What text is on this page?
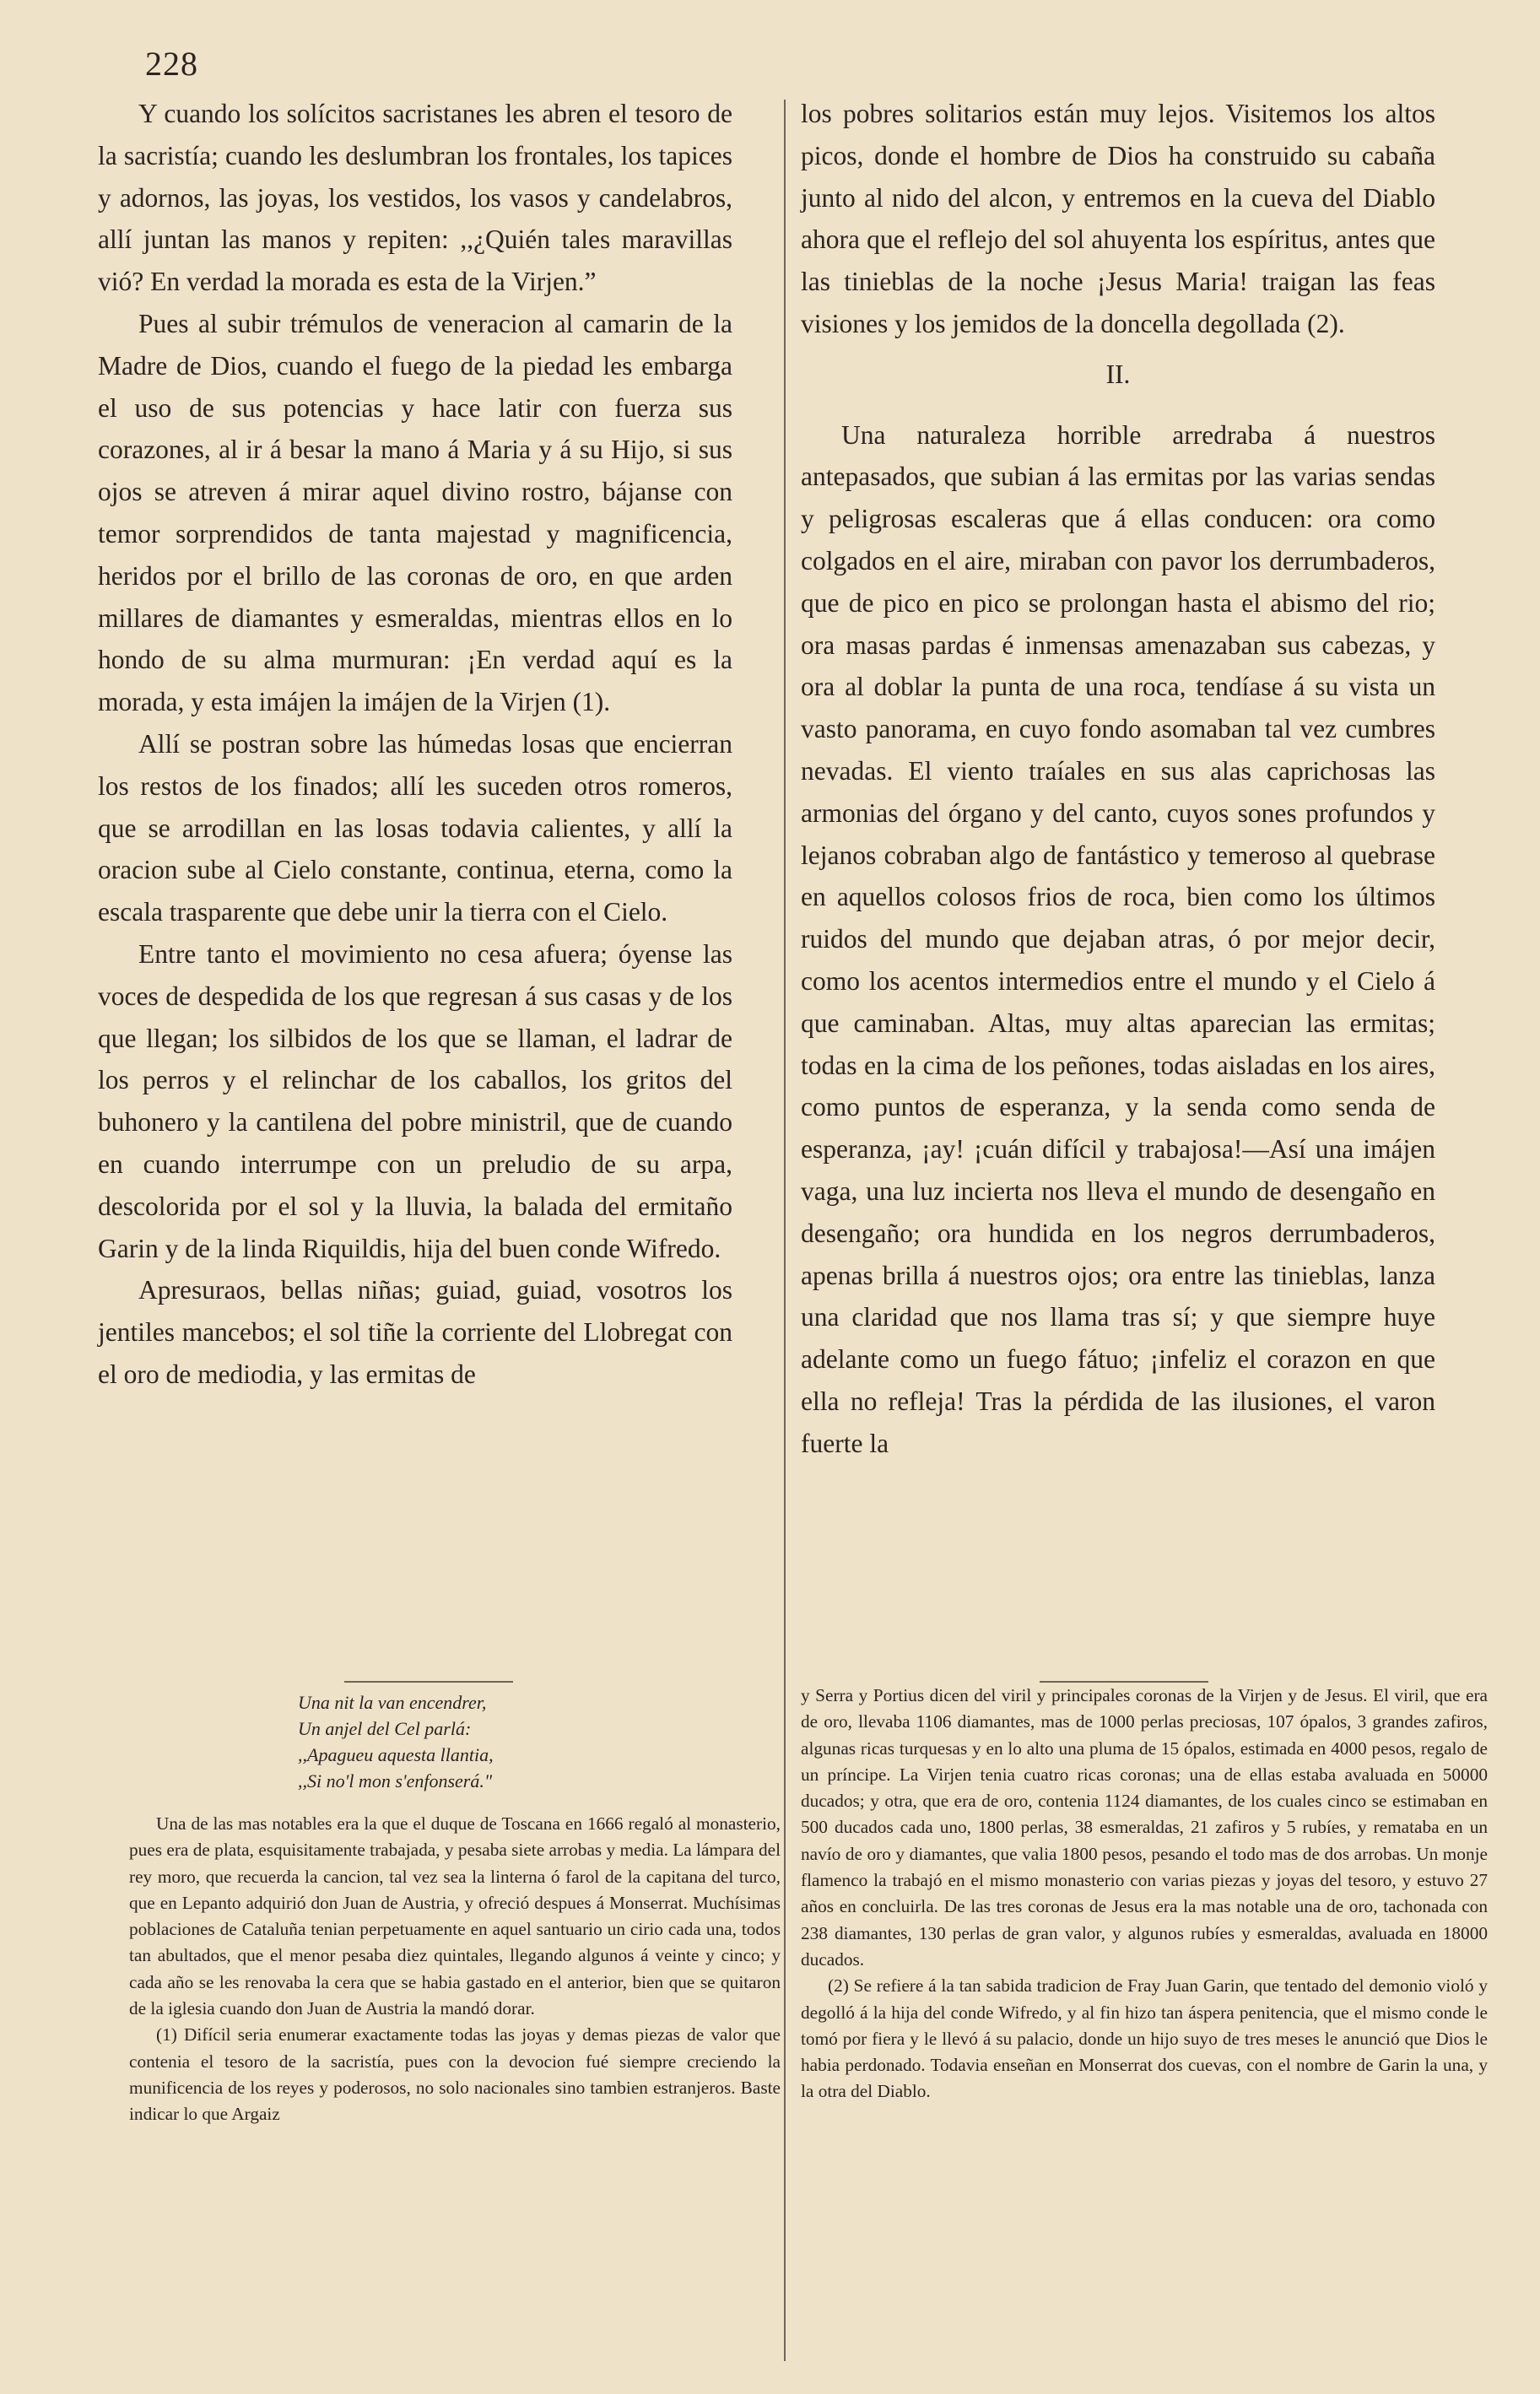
228

Y cuando los solícitos sacristanes les abren el tesoro de la sacristía; cuando les deslumbran los frontales, los tapices y adornos, las joyas, los vestidos, los vasos y candelabros, allí juntan las manos y repiten: ,,¿Quién tales maravillas vió? En verdad la morada es esta de la Virjen.”

Pues al subir trémulos de veneracion al camarin de la Madre de Dios, cuando el fuego de la piedad les embarga el uso de sus potencias y hace latir con fuerza sus corazones, al ir á besar la mano á Maria y á su Hijo, si sus ojos se atreven á mirar aquel divino rostro, bájanse con temor sorprendidos de tanta majestad y magnificencia, heridos por el brillo de las coronas de oro, en que arden millares de diamantes y esmeraldas, mientras ellos en lo hondo de su alma murmuran: ¡En verdad aquí es la morada, y esta imájen la imájen de la Virjen (1).

Allí se postran sobre las húmedas losas que encierran los restos de los finados; allí les suceden otros romeros, que se arrodillan en las losas todavia calientes, y allí la oracion sube al Cielo constante, continua, eterna, como la escala trasparente que debe unir la tierra con el Cielo.

Entre tanto el movimiento no cesa afuera; óyense las voces de despedida de los que regresan á sus casas y de los que llegan; los silbidos de los que se llaman, el ladrar de los perros y el relinchar de los caballos, los gritos del buhonero y la cantilena del pobre ministril, que de cuando en cuando interrumpe con un preludio de su arpa, descolorida por el sol y la lluvia, la balada del ermitaño Garin y de la linda Riquildis, hija del buen conde Wifredo.

Apresuraos, bellas niñas; guiad, guiad, vosotros los jentiles mancebos; el sol tiñe la corriente del Llobregat con el oro de mediodia, y las ermitas de

los pobres solitarios están muy lejos. Visitemos los altos picos, donde el hombre de Dios ha construido su cabaña junto al nido del alcon, y entremos en la cueva del Diablo ahora que el reflejo del sol ahuyenta los espíritus, antes que las tinieblas de la noche ¡Jesus Maria! traigan las feas visiones y los jemidos de la doncella degollada (2).

II.

Una naturaleza horrible arredraba á nuestros antepasados, que subian á las ermitas por las varias sendas y peligrosas escaleras que á ellas conducen: ora como colgados en el aire, miraban con pavor los derrumbaderos, que de pico en pico se prolongan hasta el abismo del rio; ora masas pardas é inmensas amenazaban sus cabezas, y ora al doblar la punta de una roca, tendíase á su vista un vasto panorama, en cuyo fondo asomaban tal vez cumbres nevadas. El viento traíales en sus alas caprichosas las armonias del órgano y del canto, cuyos sones profundos y lejanos cobraban algo de fantástico y temeroso al quebrase en aquellos colosos frios de roca, bien como los últimos ruidos del mundo que dejaban atras, ó por mejor decir, como los acentos intermedios entre el mundo y el Cielo á que caminaban. Altas, muy altas aparecian las ermitas; todas en la cima de los peñones, todas aisladas en los aires, como puntos de esperanza, y la senda como senda de esperanza, ¡ay! ¡cuán difícil y trabajosa!—Así una imájen vaga, una luz incierta nos lleva el mundo de desengaño en desengaño; ora hundida en los negros derrumbaderos, apenas brilla á nuestros ojos; ora entre las tinieblas, lanza una claridad que nos llama tras sí; y que siempre huye adelante como un fuego fátuo; ¡infeliz el corazon en que ella no refleja! Tras la pérdida de las ilusiones, el varon fuerte la

Una nit la van encendrer,
Un anjel del Cel parlá:
,,Apagueu aquesta llantia,
,,Si no'l mon s'enfonserá."

Una de las mas notables era la que el duque de Toscana en 1666 regaló al monasterio, pues era de plata, esquisitamente trabajada, y pesaba siete arrobas y media. La lámpara del rey moro, que recuerda la cancion, tal vez sea la linterna ó farol de la capitana del turco, que en Lepanto adquirió don Juan de Austria, y ofreció despues á Monserrat. Muchísimas poblaciones de Cataluña tenian perpetuamente en aquel santuario un cirio cada una, todos tan abultados, que el menor pesaba diez quintales, llegando algunos á veinte y cinco; y cada año se les renovaba la cera que se habia gastado en el anterior, bien que se quitaron de la iglesia cuando don Juan de Austria la mandó dorar.

(1) Difícil seria enumerar exactamente todas las joyas y demas piezas de valor que contenia el tesoro de la sacristía, pues con la devocion fué siempre creciendo la munificencia de los reyes y poderosos, no solo nacionales sino tambien estranjeros. Baste indicar lo que Argaiz

y Serra y Portius dicen del viril y principales coronas de la Virjen y de Jesus. El viril, que era de oro, llevaba 1106 diamantes, mas de 1000 perlas preciosas, 107 ópalos, 3 grandes zafiros, algunas ricas turquesas y en lo alto una pluma de 15 ópalos, estimada en 4000 pesos, regalo de un príncipe. La Virjen tenia cuatro ricas coronas; una de ellas estaba avaluada en 50000 ducados; y otra, que era de oro, contenia 1124 diamantes, de los cuales cinco se estimaban en 500 ducados cada uno, 1800 perlas, 38 esmeraldas, 21 zafiros y 5 rubíes, y remataba en un navío de oro y diamantes, que valia 1800 pesos, pesando el todo mas de dos arrobas. Un monje flamenco la trabajó en el mismo monasterio con varias piezas y joyas del tesoro, y estuvo 27 años en concluirla. De las tres coronas de Jesus era la mas notable una de oro, tachonada con 238 diamantes, 130 perlas de gran valor, y algunos rubíes y esmeraldas, avaluada en 18000 ducados.

(2) Se refiere á la tan sabida tradicion de Fray Juan Garin, que tentado del demonio violó y degolló á la hija del conde Wifredo, y al fin hizo tan áspera penitencia, que el mismo conde le tomó por fiera y le llevó á su palacio, donde un hijo suyo de tres meses le anunció que Dios le habia perdonado. Todavia enseñan en Monserrat dos cuevas, con el nombre de Garin la una, y la otra del Diablo.
